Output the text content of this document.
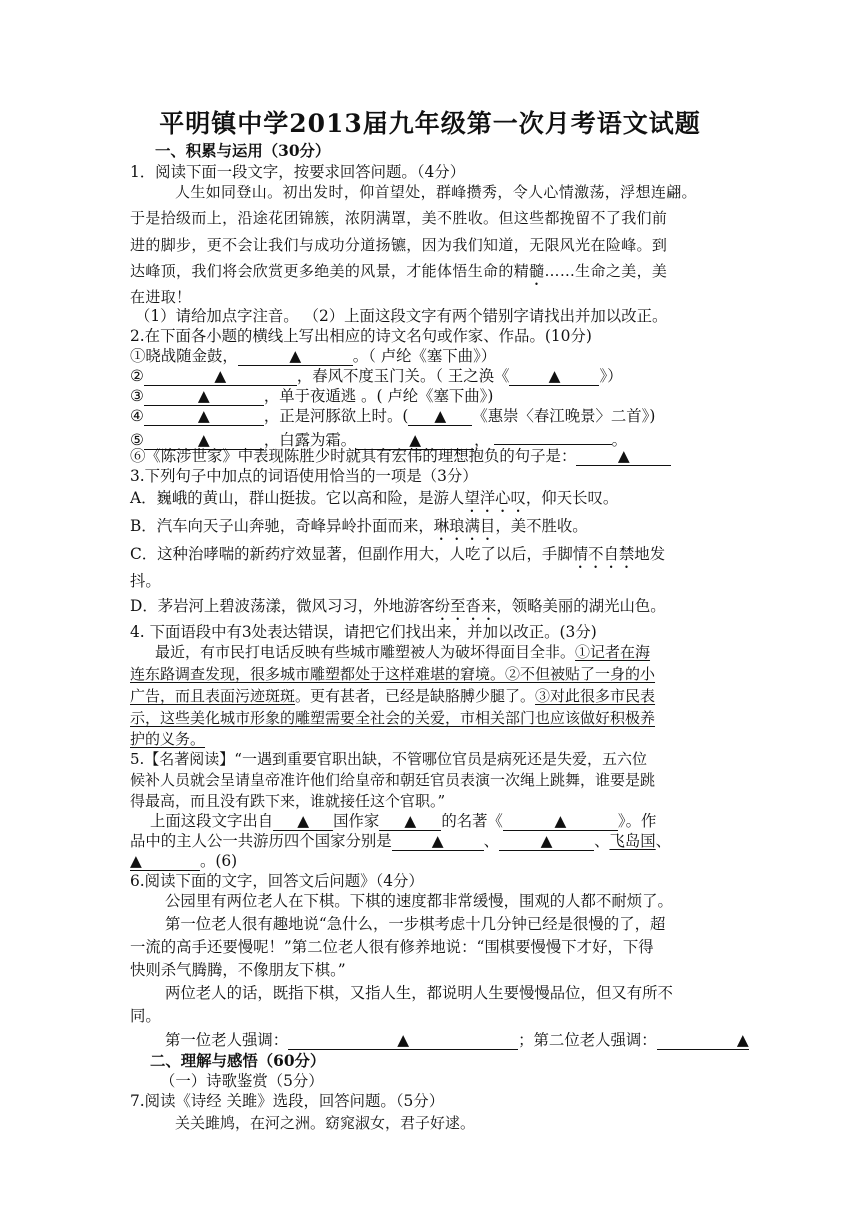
平明镇中学2013届九年级第一次月考语文试题
一、积累与运用（30分）
1．阅读下面一段文字，按要求回答问题。（4分）
人生如同登山。初出发时，仰首望处，群峰攒秀，令人心情激荡，浮想连翩。
于是拾级而上，沿途花团锦簇，浓阴满罩，美不胜收。但这些都挽留不了我们前
进的脚步，更不会让我们与成功分道扬镳，因为我们知道，无限风光在险峰。到
达峰顶，我们将会欣赏更多绝美的风景，才能体悟生命的精髓……生命之美，美
在进取！
（1）请给加点字注音。 （2）上面这段文字有两个错别字请找出并加以改正。
2.在下面各小题的横线上写出相应的诗文名句或作家、作品。(10分)
①晓战随金鼓，	▲	。（ 卢纶《塞下曲》）
②	▲	，春风不度玉门关。（ 王之涣《	▲	》）
③	▲	，单于夜遁逃 。( 卢纶《塞下曲》)
④	▲	，正是河豚欲上时。( ▲ 《惠崇〈春江晚景〉二首》)
⑤	▲	，白露为霜。	▲	，	。
⑥《陈涉世家》中表现陈胜少时就具有宏伟的理想抱负的句子是：	▲
3.下列句子中加点的词语使用恰当的一项是（3分）
A．巍峨的黄山，群山挺拔。它以高和险，是游人望洋心叹，仰天长叹。
B．汽车向天子山奔驰，奇峰异岭扑面而来，琳琅满目，美不胜收。
C．这种治哮喘的新药疗效显著，但副作用大，人吃了以后，手脚情不自禁地发
抖。
D．茅岩河上碧波荡漾，微风习习，外地游客纷至沓来，领略美丽的湖光山色。
4. 下面语段中有3处表达错误，请把它们找出来，并加以改正。(3分)
最近，有市民打电话反映有些城市雕塑被人为破坏得面目全非。①记者在海
连东路调查发现，很多城市雕塑都处于这样难堪的窘境。②不但被贴了一身的小
广告，而且表面污迹斑斑。更有甚者，已经是缺胳膊少腿了。③对此很多市民表
示，这些美化城市形象的雕塑需要全社会的关爱，市相关部门也应该做好积极养
护的义务。
5.【名著阅读】“一遇到重要官职出缺，不管哪位官员是病死还是失爱，五六位
候补人员就会呈请皇帝准许他们给皇帝和朝廷官员表演一次绳上跳舞，谁要是跳
得最高，而且没有跌下来，谁就接任这个官职。”
上面这段文字出自 ▲ 国作家 ▲ 的名著《	▲	》。作
品中的主人公一共游历四个国家分别是	▲	、	▲	、飞岛国、
▲	。(6)
6.阅读下面的文字，回答文后问题》（4分）
公园里有两位老人在下棋。下棋的速度都非常缓慢，围观的人都不耐烦了。
第一位老人很有趣地说“急什么，一步棋考虑十几分钟已经是很慢的了，超
一流的高手还要慢呢！”第二位老人很有修养地说：“围棋要慢慢下才好，下得
快则杀气腾腾，不像朋友下棋。”
两位老人的话，既指下棋，又指人生，都说明人生要慢慢品位，但又有所不
同。
第一位老人强调：	▲	；第二位老人强调：	▲
二、理解与感悟（60分）
（一）诗歌鉴赏（5分）
7.阅读《诗经 关雎》选段，回答问题。（5分）
关关雎鸠，在河之洲。窈窕淑女，君子好逑。
